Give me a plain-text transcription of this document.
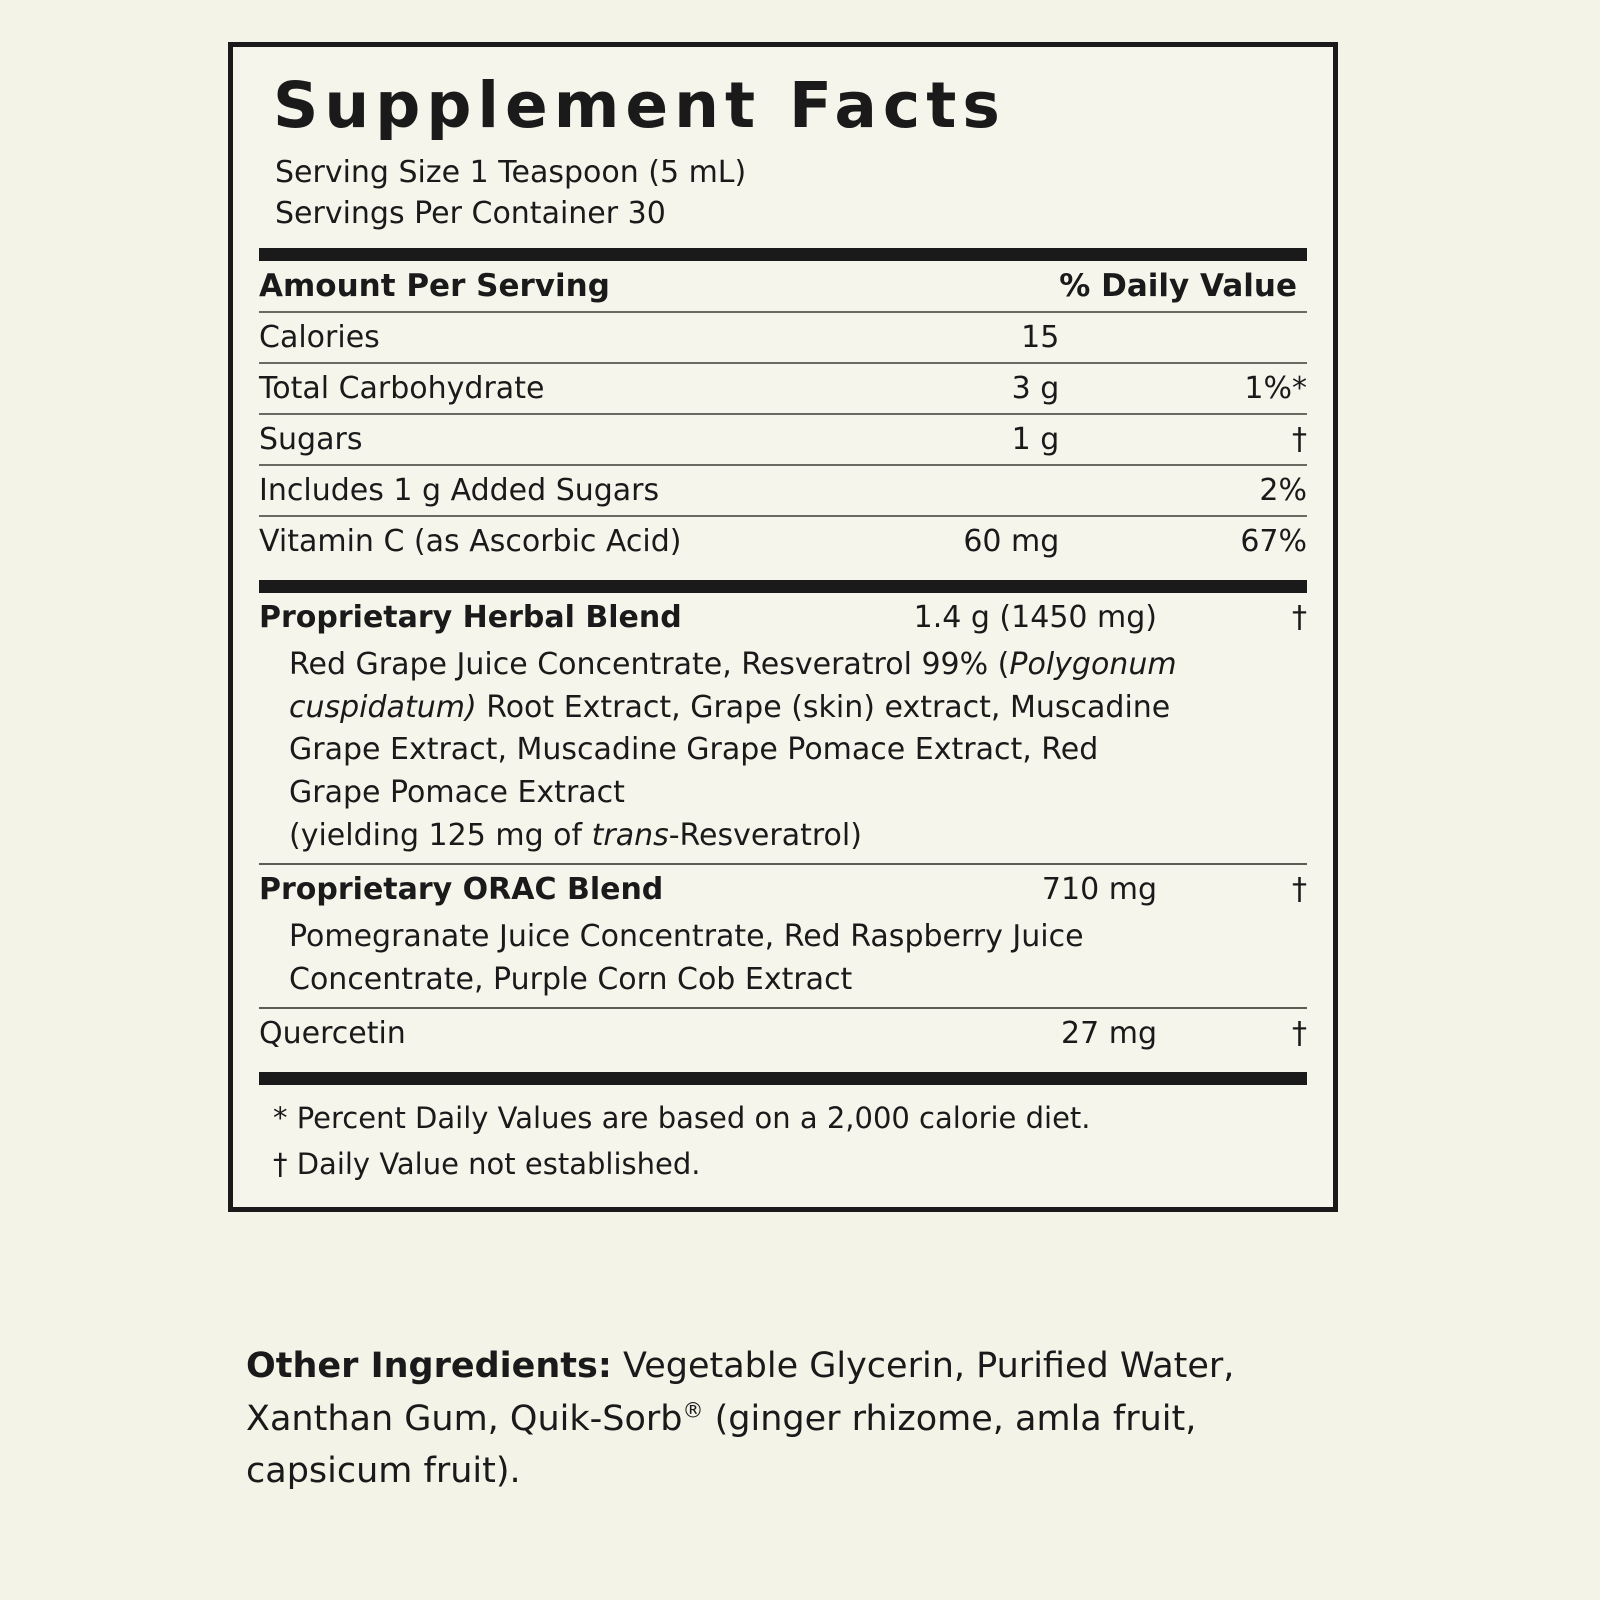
Supplement Facts
Serving Size 1 Teaspoon (5 mL)
Servings Per Container 30
Amount Per Serving		% Daily Value
Calories	15	
Total Carbohydrate	3 g	1%*
Sugars	1 g	†
Includes 1 g Added Sugars		2%
Vitamin C (as Ascorbic Acid)	60 mg	67%
Proprietary Herbal Blend	1.4 g (1450 mg)	†
Red Grape Juice Concentrate, Resveratrol 99% (Polygonum cuspidatum) Root Extract, Grape (skin) extract, Muscadine Grape Extract, Muscadine Grape Pomace Extract, Red Grape Pomace Extract
(yielding 125 mg of trans-Resveratrol)
Proprietary ORAC Blend	710 mg	†
Pomegranate Juice Concentrate, Red Raspberry Juice Concentrate, Purple Corn Cob Extract
Quercetin	27 mg	†
* Percent Daily Values are based on a 2,000 calorie diet.
† Daily Value not established.
Other Ingredients: Vegetable Glycerin, Purified Water, Xanthan Gum, Quik-Sorb® (ginger rhizome, amla fruit, capsicum fruit).
